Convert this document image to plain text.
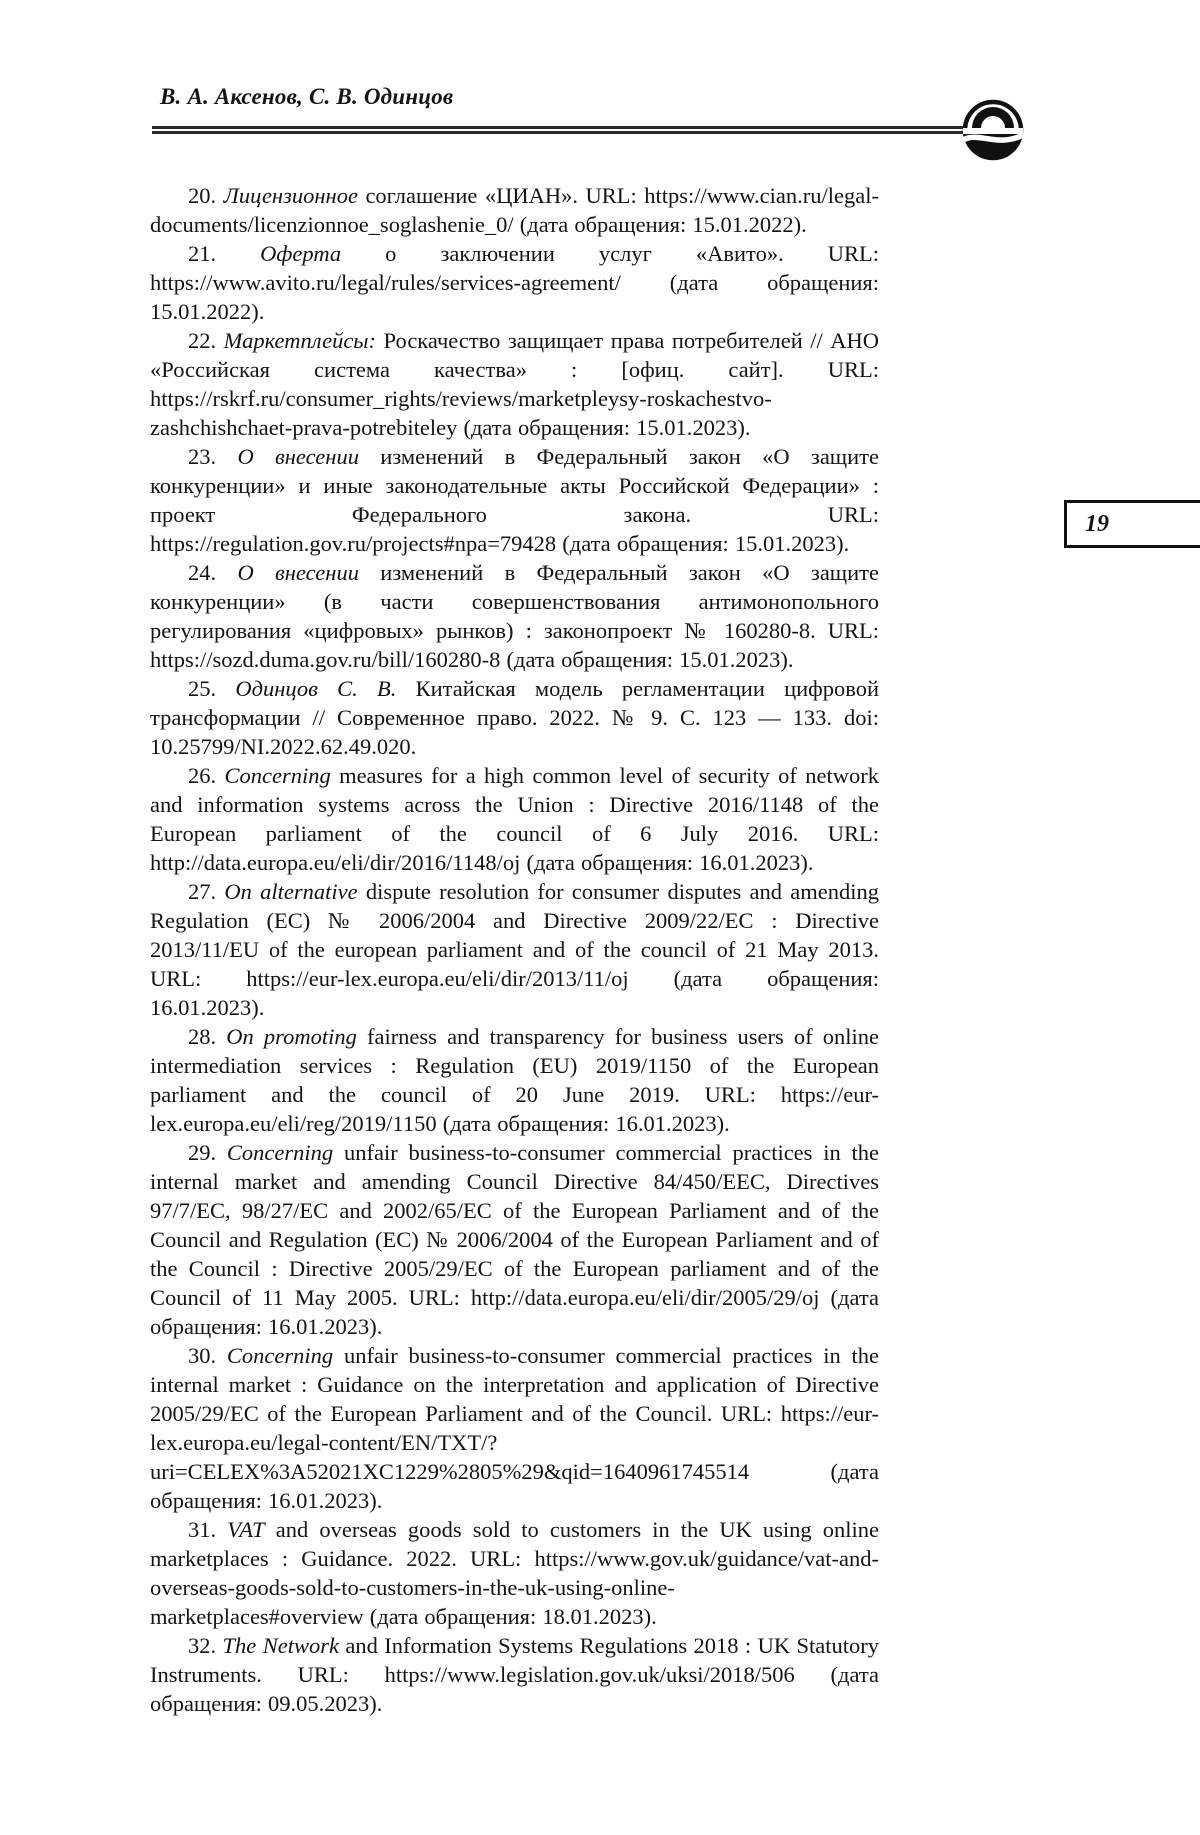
В. А. Аксенов, С. В. Одинцов
19

20. Лицензионное соглашение «ЦИАН». URL: https://www.cian.ru/legal-documents/licenzionnoe_soglashenie_0/ (дата обращения: 15.01.2022).

21. Оферта о заключении услуг «Авито». URL: https://www.avito.ru/legal/rules/services-agreement/ (дата обращения: 15.01.2022).

22. Маркетплейсы: Роскачество защищает права потребителей // АНО «Российская система качества» : [офиц. сайт]. URL: https://rskrf.ru/consumer_rights/reviews/marketpleysy-roskachestvo-zashchishchaet-prava-potrebiteley (дата обращения: 15.01.2023).

23. О внесении изменений в Федеральный закон «О защите конкуренции» и иные законодательные акты Российской Федерации» : проект Федерального закона. URL: https://regulation.gov.ru/projects#npa=79428 (дата обращения: 15.01.2023).

24. О внесении изменений в Федеральный закон «О защите конкуренции» (в части совершенствования антимонопольного регулирования «цифровых» рынков) : законопроект № 160280-8. URL: https://sozd.duma.gov.ru/bill/160280-8 (дата обращения: 15.01.2023).

25. Одинцов С. В. Китайская модель регламентации цифровой трансформации // Современное право. 2022. № 9. С. 123 — 133. doi: 10.25799/NI.2022.62.49.020.

26. Concerning measures for a high common level of security of network and information systems across the Union : Directive 2016/1148 of the European parliament of the council of 6 July 2016. URL: http://data.europa.eu/eli/dir/2016/1148/oj (дата обращения: 16.01.2023).

27. On alternative dispute resolution for consumer disputes and amending Regulation (EC) № 2006/2004 and Directive 2009/22/EC : Directive 2013/11/EU of the european parliament and of the council of 21 May 2013. URL: https://eur-lex.europa.eu/eli/dir/2013/11/oj (дата обращения: 16.01.2023).

28. On promoting fairness and transparency for business users of online intermediation services : Regulation (EU) 2019/1150 of the European parliament and the council of 20 June 2019. URL: https://eur-lex.europa.eu/eli/reg/2019/1150 (дата обращения: 16.01.2023).

29. Concerning unfair business-to-consumer commercial practices in the internal market and amending Council Directive 84/450/EEC, Directives 97/7/EC, 98/27/EC and 2002/65/EC of the European Parliament and of the Council and Regulation (EC) № 2006/2004 of the European Parliament and of the Council : Directive 2005/29/EC of the European parliament and of the Council of 11 May 2005. URL: http://data.europa.eu/eli/dir/2005/29/oj (дата обращения: 16.01.2023).

30. Concerning unfair business-to-consumer commercial practices in the internal market : Guidance on the interpretation and application of Directive 2005/29/EC of the European Parliament and of the Council. URL: https://eur-lex.europa.eu/legal-content/EN/TXT/?uri=CELEX%3A52021XC1229%2805%29&qid=1640961745514 (дата обращения: 16.01.2023).

31. VAT and overseas goods sold to customers in the UK using online marketplaces : Guidance. 2022. URL: https://www.gov.uk/guidance/vat-and-overseas-goods-sold-to-customers-in-the-uk-using-online-marketplaces#overview (дата обращения: 18.01.2023).

32. The Network and Information Systems Regulations 2018 : UK Statutory Instruments. URL: https://www.legislation.gov.uk/uksi/2018/506 (дата обращения: 09.05.2023).
